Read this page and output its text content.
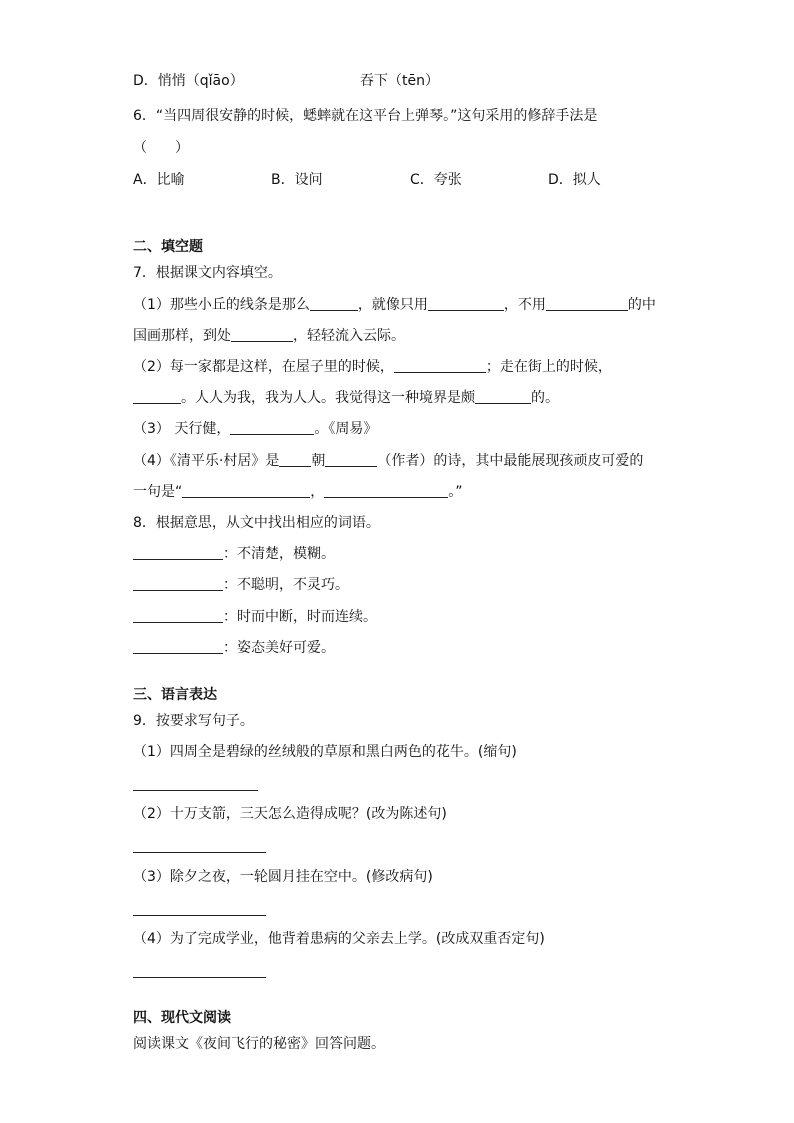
D．悄悄（qǐāo）	吞下（tēn）
6．“当四周很安静的时候，蟋蟀就在这平台上弹琴。”这句采用的修辞手法是
（　　）
A．比喻	B．设问	C．夸张	D．拟人
二、填空题
7．根据课文内容填空。
（1）那些小丘的线条是那么	，就像只用	，不用	的中
国画那样，到处	，轻轻流入云际。
（2）每一家都是这样，在屋子里的时候，	；走在街上的时候，
。人人为我，我为人人。我觉得这一种境界是颇	的。
（3） 天行健，	。《周易》
（4）《清平乐·村居》是 朝	（作者）的诗，其中最能展现孩顽皮可爱的
一句是“	，	。”
8．根据意思，从文中找出相应的词语。
：不清楚，模糊。
：不聪明，不灵巧。
：时而中断，时而连续。
：姿态美好可爱。
三、语言表达
9．按要求写句子。
（1）四周全是碧绿的丝绒般的草原和黑白两色的花牛。(缩句)
（2）十万支箭，三天怎么造得成呢？(改为陈述句)
（3）除夕之夜，一轮圆月挂在空中。(修改病句)
（4）为了完成学业，他背着患病的父亲去上学。(改成双重否定句)
四、现代文阅读
阅读课文《夜间飞行的秘密》回答问题。
